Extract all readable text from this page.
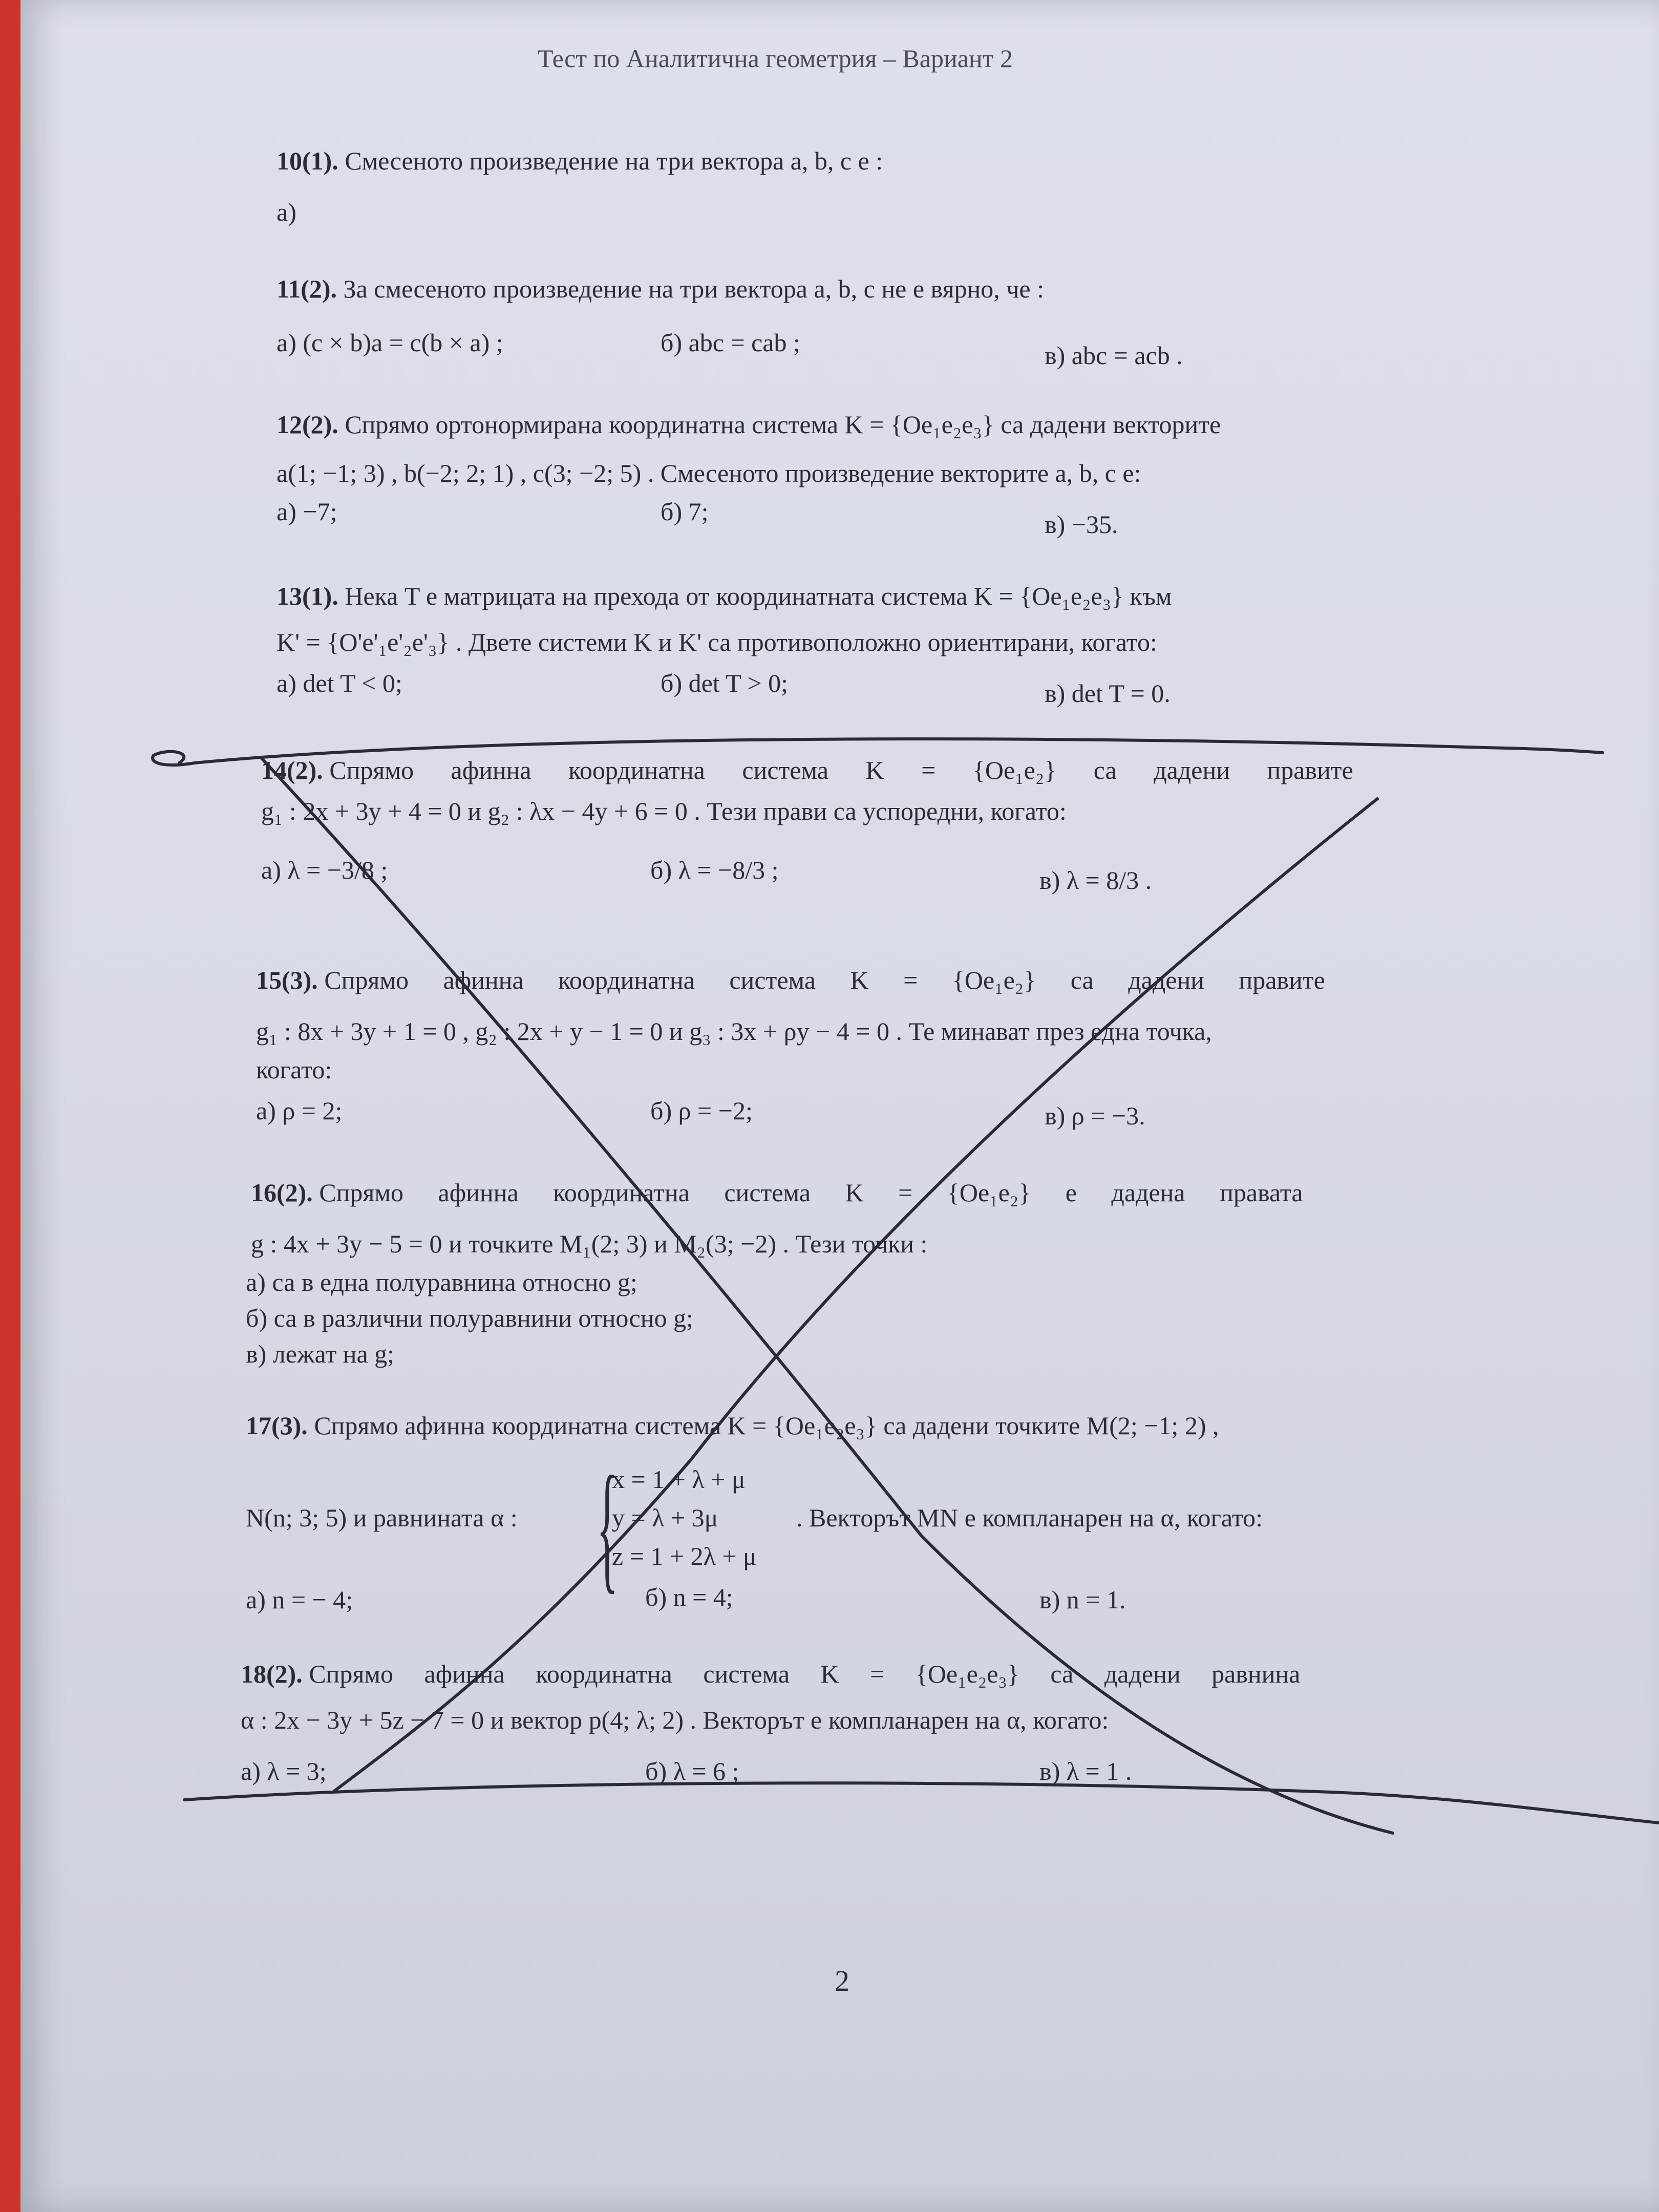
Тест по Аналитична геометрия – Вариант 2
10(1). Смесеното произведение на три вектора a, b, c е :
а)
11(2). За смесеното произведение на три вектора a, b, c не е вярно, че :
а) (c × b)a = c(b × a) ;	б) abc = cab ;	в) abc = acb .
12(2). Спрямо ортонормирана координатна система K = {Oe₁e₂e₃} са дадени векторите
a(1; −1; 3) , b(−2; 2; 1) , c(3; −2; 5) . Смесеното произведение векторите a, b, c е:
а) −7;	б) 7;	в) −35.
13(1). Нека T е матрицата на прехода от координатната система K = {Oe₁e₂e₃} към
K' = {O'e'₁e'₂e'₃} . Двете системи K и K' са противоположно ориентирани, когато:
а) det T < 0;	б) det T > 0;	в) det T = 0.
14(2). Спрямо афинна координатна система K = {Oe₁e₂} са дадени правите
g₁ : 2x + 3y + 4 = 0 и g₂ : λx − 4y + 6 = 0 . Тези прави са успоредни, когато:
а) λ = −3/8 ;	б) λ = −8/3 ;	в) λ = 8/3 .
15(3). Спрямо афинна координатна система K = {Oe₁e₂} са дадени правите
g₁ : 8x + 3y + 1 = 0 , g₂ : 2x + y − 1 = 0 и g₃ : 3x + ρy − 4 = 0 . Те минават през една точка,
когато:
а) ρ = 2;	б) ρ = −2;	в) ρ = −3.
16(2). Спрямо афинна координатна система K = {Oe₁e₂} е дадена правата
g : 4x + 3y − 5 = 0 и точките M₁(2; 3) и M₂(3; −2) . Тези точки :
а) са в една полуравнина относно g;
б) са в различни полуравнини относно g;
в) лежат на g;
17(3). Спрямо афинна координатна система K = {Oe₁e₂e₃} са дадени точките M(2; −1; 2) ,
N(n; 3; 5) и равнината α : {
x = 1 + λ + μ
y = λ + 3μ
z = 1 + 2λ + μ
. Векторът MN е компланарен на α, когато:
а) n = − 4;	б) n = 4;	в) n = 1.
18(2). Спрямо афинна координатна система K = {Oe₁e₂e₃} са дадени равнина
α : 2x − 3y + 5z − 7 = 0 и вектор p(4; λ; 2) . Векторът е компланарен на α, когато:
а) λ = 3;	б) λ = 6 ;	в) λ = 1 .
2
